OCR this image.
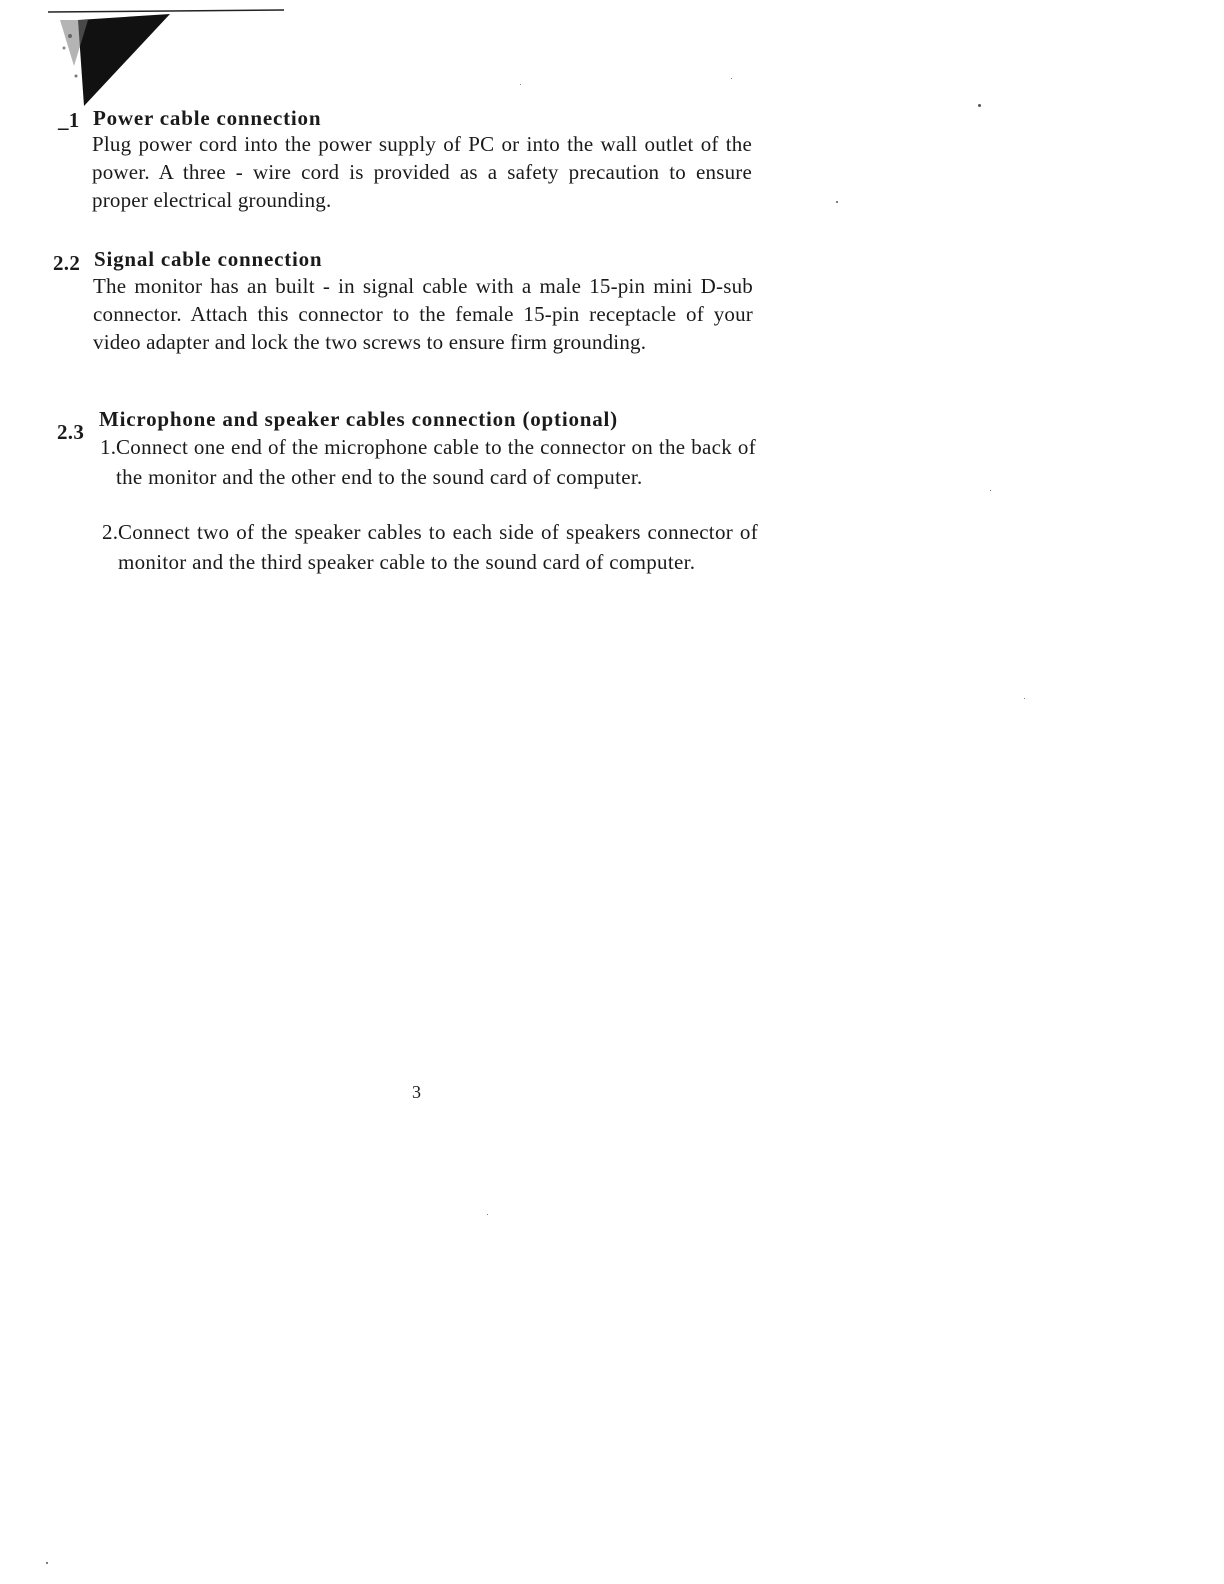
_1 Power cable connection
Plug power cord into the power supply of PC or into the wall outlet of the power. A three - wire cord is provided as a safety precaution to ensure proper electrical grounding.
2.2 Signal cable connection
The monitor has an built - in signal cable with a male 15-pin mini D-sub connector. Attach this connector to the female 15-pin receptacle of your video adapter and lock the two screws to ensure firm grounding.
2.3
Microphone and speaker cables connection (optional)
1. Connect one end of the microphone cable to the connector on the back of the monitor and the other end to the sound card of computer.
2. Connect two of the speaker cables to each side of speakers connector of monitor and the third speaker cable to the sound card of computer.
3
